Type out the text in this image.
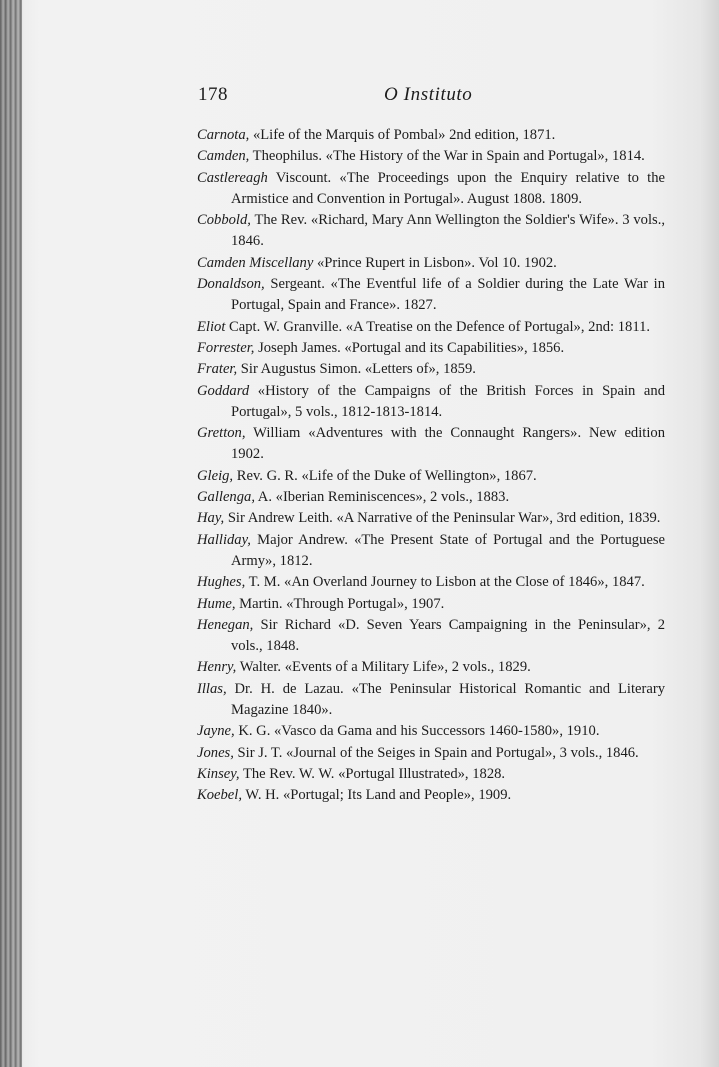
178	O Instituto

Carnota, «Life of the Marquis of Pombal» 2nd edition, 1871.

Camden, Theophilus. «The History of the War in Spain and Portugal», 1814.

Castlereagh Viscount. «The Proceedings upon the Enquiry relative to the Armistice and Convention in Portugal». August 1808. 1809.

Cobbold, The Rev. «Richard, Mary Ann Wellington the Soldier's Wife». 3 vols., 1846.

Camden Miscellany «Prince Rupert in Lisbon». Vol 10. 1902.

Donaldson, Sergeant. «The Eventful life of a Soldier during the Late War in Portugal, Spain and France». 1827.

Eliot Capt. W. Granville. «A Treatise on the Defence of Portugal», 2nd: 1811.

Forrester, Joseph James. «Portugal and its Capabilities», 1856.

Frater, Sir Augustus Simon. «Letters of», 1859.

Goddard «History of the Campaigns of the British Forces in Spain and Portugal», 5 vols., 1812-1813-1814.

Gretton, William «Adventures with the Connaught Rangers». New edition 1902.

Gleig, Rev. G. R. «Life of the Duke of Wellington», 1867.

Gallenga, A. «Iberian Reminiscences», 2 vols., 1883.

Hay, Sir Andrew Leith. «A Narrative of the Peninsular War», 3rd edition, 1839.

Halliday, Major Andrew. «The Present State of Portugal and the Portuguese Army», 1812.

Hughes, T. M. «An Overland Journey to Lisbon at the Close of 1846», 1847.

Hume, Martin. «Through Portugal», 1907.

Henegan, Sir Richard «D. Seven Years Campaigning in the Peninsular», 2 vols., 1848.

Henry, Walter. «Events of a Military Life», 2 vols., 1829.

Illas, Dr. H. de Lazau. «The Peninsular Historical Romantic and Literary Magazine 1840».

Jayne, K. G. «Vasco da Gama and his Successors 1460-1580», 1910.

Jones, Sir J. T. «Journal of the Seiges in Spain and Portugal», 3 vols., 1846.

Kinsey, The Rev. W. W. «Portugal Illustrated», 1828.

Koebel, W. H. «Portugal; Its Land and People», 1909.
